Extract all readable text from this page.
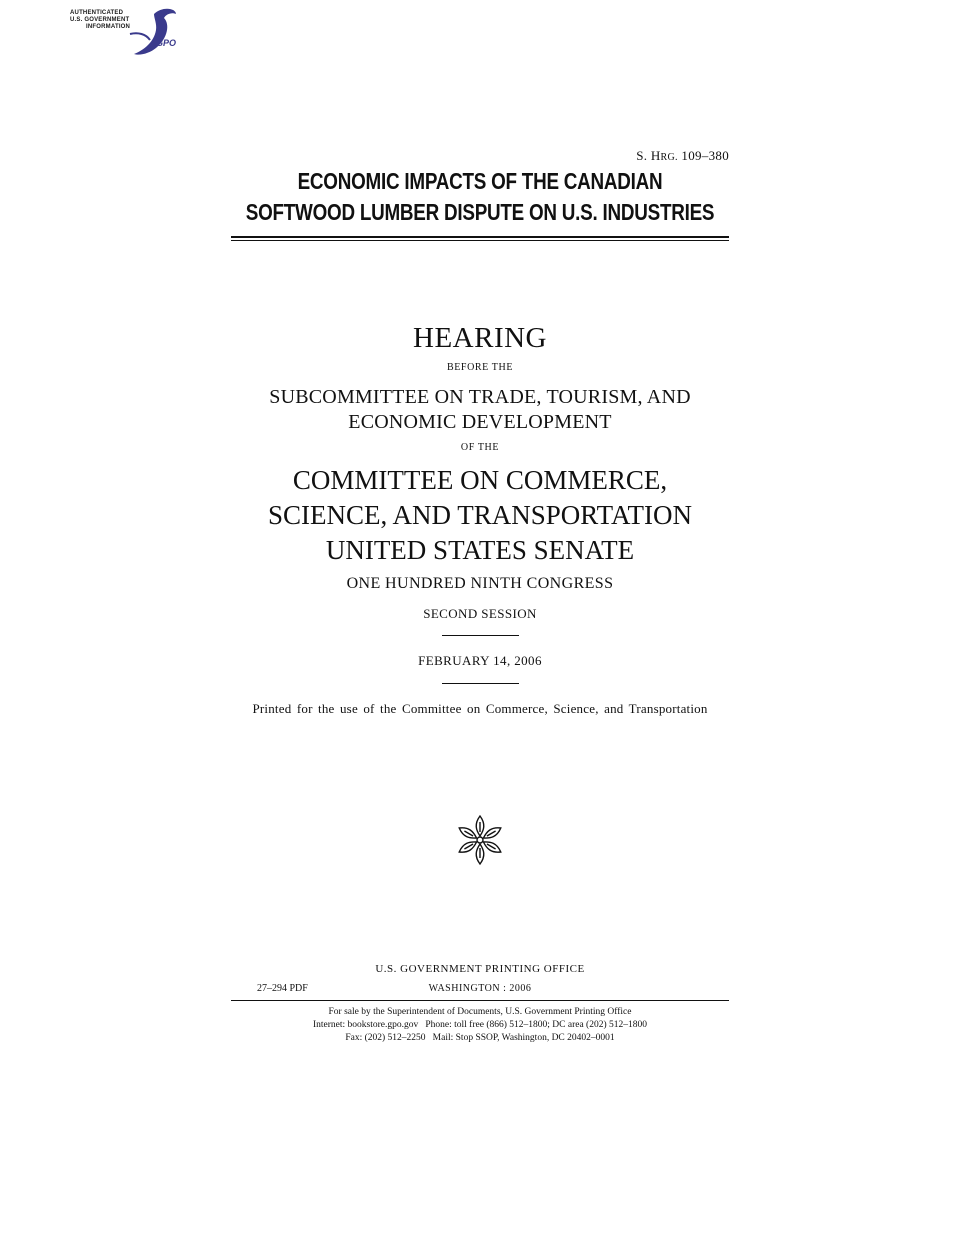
AUTHENTICATED
U.S. GOVERNMENT
INFORMATION
GPO
S. HRG. 109–380
ECONOMIC IMPACTS OF THE CANADIAN
SOFTWOOD LUMBER DISPUTE ON U.S. INDUSTRIES
HEARING
BEFORE THE
SUBCOMMITTEE ON TRADE, TOURISM, AND
ECONOMIC DEVELOPMENT
OF THE
COMMITTEE ON COMMERCE,
SCIENCE, AND TRANSPORTATION
UNITED STATES SENATE
ONE HUNDRED NINTH CONGRESS
SECOND SESSION
FEBRUARY 14, 2006
Printed for the use of the Committee on Commerce, Science, and Transportation
U.S. GOVERNMENT PRINTING OFFICE
27–294 PDF	WASHINGTON : 2006
For sale by the Superintendent of Documents, U.S. Government Printing Office
Internet: bookstore.gpo.gov   Phone: toll free (866) 512–1800; DC area (202) 512–1800
Fax: (202) 512–2250   Mail: Stop SSOP, Washington, DC 20402–0001
